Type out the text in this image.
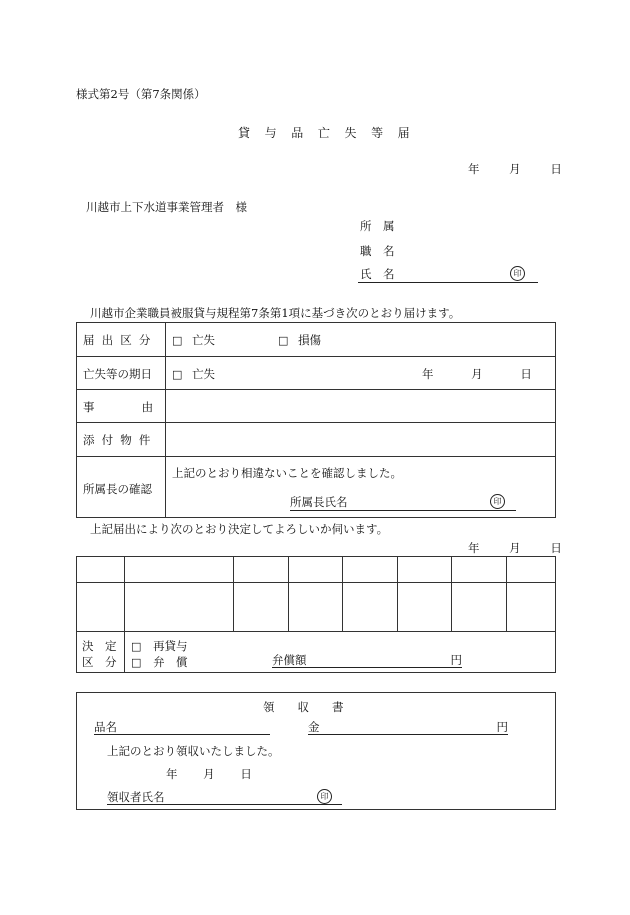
様式第2号（第7条関係）
貸 与 品 亡 失 等 届
年	月	日
川越市上下水道事業管理者　様
所　属
職　名
氏　名	印
川越市企業職員被服貸与規程第7条第1項に基づき次のとおり届けます。
届 出 区 分 □ 亡失	□ 損傷
亡失等の期日 □ 亡失	年	月	日
事　　由
添 付 物 件
所属長の確認
上記のとおり相違ないことを確認しました。
所属長氏名	印
上記届出により次のとおり決定してよろしいか伺います。
年	月	日
決　定
区　分
□ 再貸与
□ 弁　償	弁償額	円
領　　収　　書
品名	金	円
上記のとおり領収いたしました。
年 月 日
領収者氏名	印
